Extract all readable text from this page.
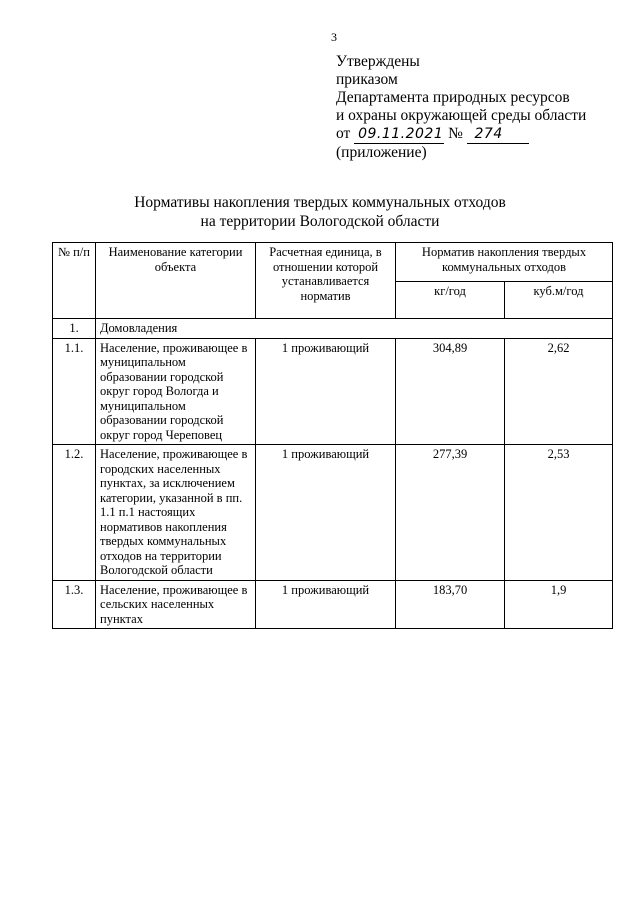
3
Утверждены
приказом
Департамента природных ресурсов
и охраны окружающей среды области
от 09.11.2021 № 274
(приложение)
Нормативы накопления твердых коммунальных отходов
на территории Вологодской области
№ п/п	Наименование категории объекта	Расчетная единица, в отношении которой устанавливается норматив	Норматив накопления твердых коммунальных отходов	
			кг/год	куб.м/год
1.	Домовладения			
1.1.	Население, проживающее в муниципальном образовании городской округ город Вологда и муниципальном образовании городской округ город Череповец	1 проживающий	304,89	2,62
1.2.	Население, проживающее в городских населенных пунктах, за исключением категории, указанной в пп. 1.1 п.1 настоящих нормативов накопления твердых коммунальных отходов на территории Вологодской области	1 проживающий	277,39	2,53
1.3.	Население, проживающее в сельских населенных пунктах	1 проживающий	183,70	1,9
